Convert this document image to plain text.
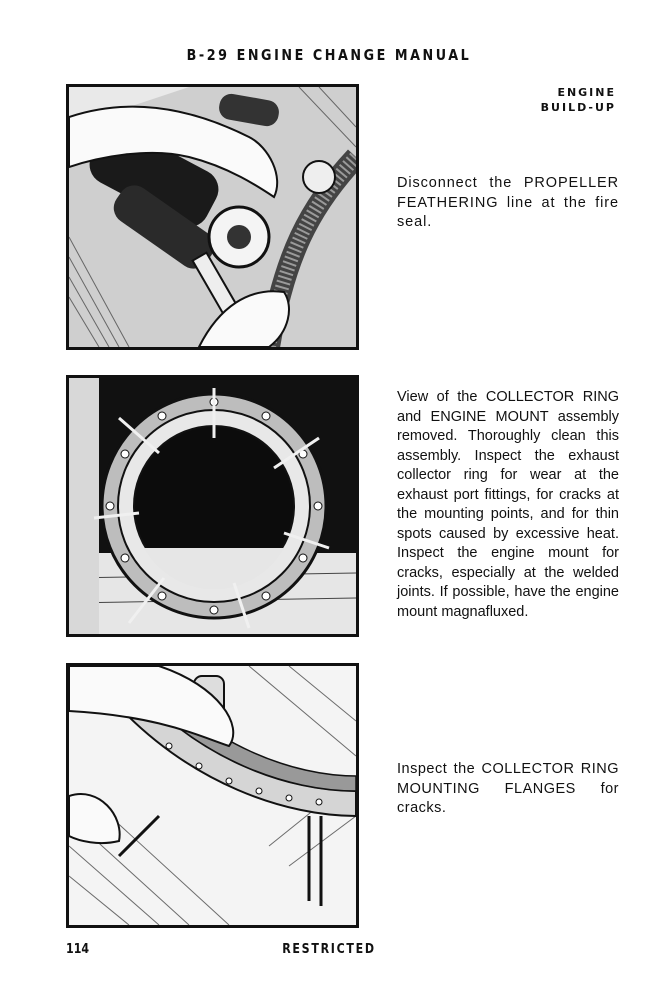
B-29 ENGINE CHANGE MANUAL
ENGINE
BUILD-UP
Disconnect the PROPELLER FEATHERING line at the fire seal.
View of the COLLECTOR RING and ENGINE MOUNT assembly removed. Thoroughly clean this assembly. Inspect the exhaust collector ring for wear at the exhaust port fittings, for cracks at the mounting points, and for thin spots caused by excessive heat. Inspect the engine mount for cracks, especially at the welded joints. If possible, have the engine mount magnafluxed.
Inspect the COLLECTOR RING MOUNTING FLANGES for cracks.
114	RESTRICTED
